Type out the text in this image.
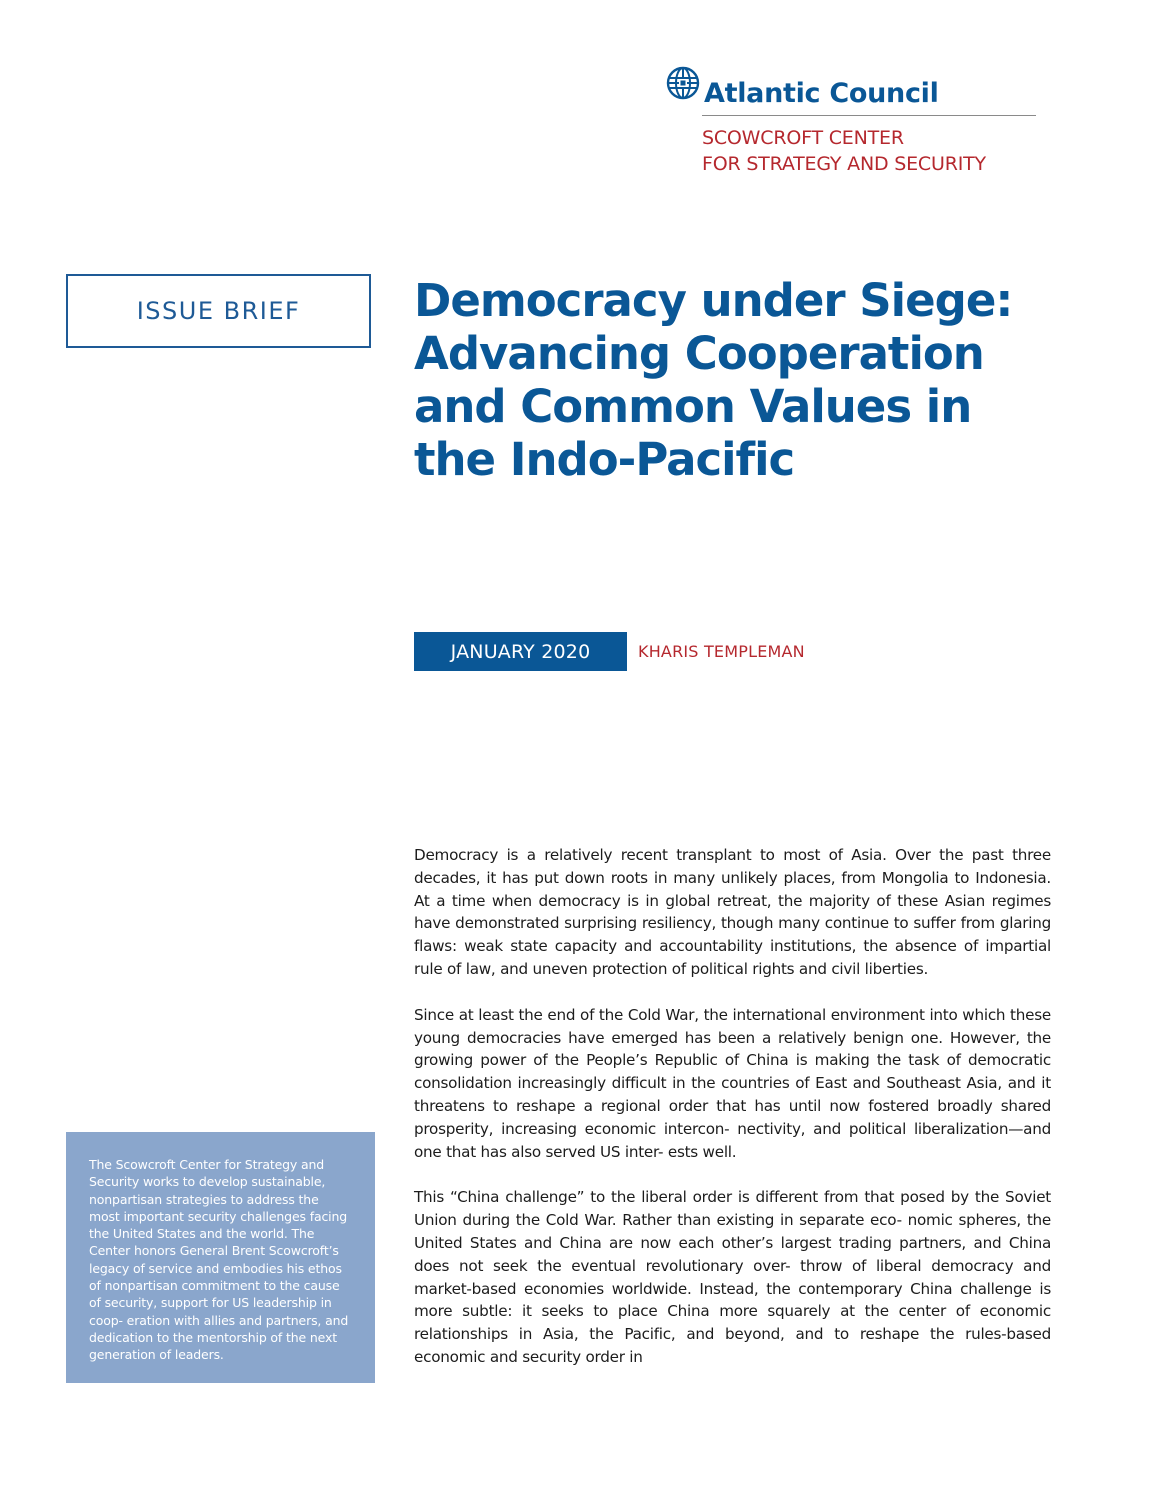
Atlantic Council
SCOWCROFT CENTER
FOR STRATEGY AND SECURITY
ISSUE BRIEF	Democracy under Siege:
Advancing Cooperation
and Common Values in
the Indo-Pacific
JANUARY 2020	KHARIS TEMPLEMAN

Democracy is a relatively recent transplant to most of Asia. Over the past three decades, it has put down roots in many unlikely places, from Mongolia to Indonesia. At a time when democracy is in global retreat, the majority of these Asian regimes have demonstrated surprising resiliency, though many continue to suffer from glaring flaws: weak state capacity and accountability institutions, the absence of impartial rule of law, and uneven protection of political rights and civil liberties.

Since at least the end of the Cold War, the international environment into which these young democracies have emerged has been a relatively benign one. However, the growing power of the People’s Republic of China is making the task of democratic consolidation increasingly difficult in the countries of East and Southeast Asia, and it threatens to reshape a regional order that has until now fostered broadly shared prosperity, increasing economic intercon- nectivity, and political liberalization—and one that has also served US inter- ests well.

This “China challenge” to the liberal order is different from that posed by the Soviet Union during the Cold War. Rather than existing in separate eco- nomic spheres, the United States and China are now each other’s largest trading partners, and China does not seek the eventual revolutionary over- throw of liberal democracy and market-based economies worldwide. Instead, the contemporary China challenge is more subtle: it seeks to place China more squarely at the center of economic relationships in Asia, the Pacific, and beyond, and to reshape the rules-based economic and security order in

The Scowcroft Center for Strategy and Security works to develop sustainable, nonpartisan strategies to address the most important security challenges facing the United States and the world. The Center honors General Brent Scowcroft’s legacy of service and embodies his ethos of nonpartisan commitment to the cause of security, support for US leadership in coop- eration with allies and partners, and dedication to the mentorship of the next generation of leaders.
